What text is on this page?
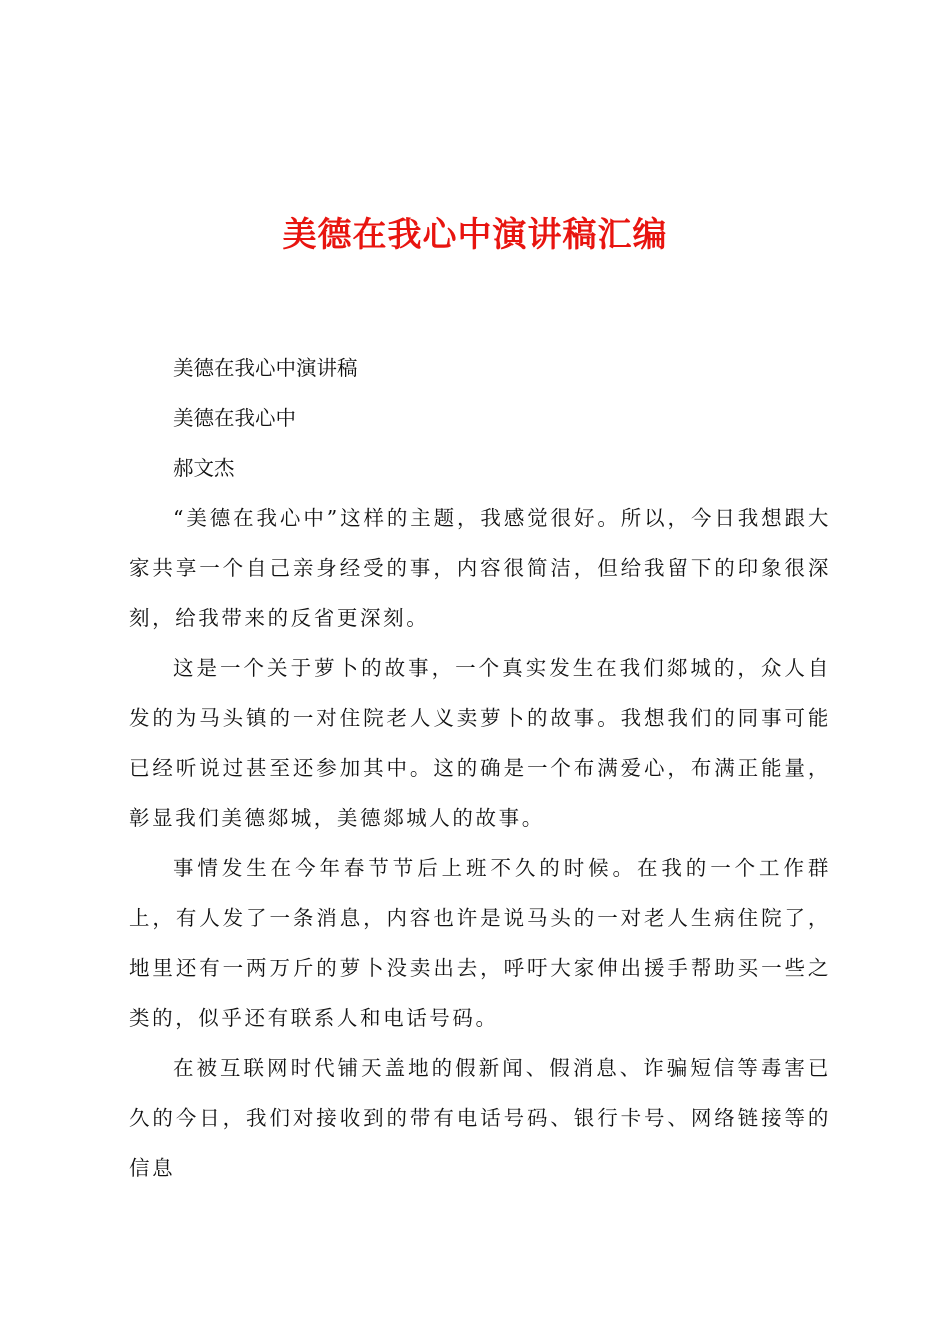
美德在我心中演讲稿汇编

美德在我心中演讲稿

美德在我心中

郝文杰

“美德在我心中”这样的主题，我感觉很好。所以，今日我想跟大家共享一个自己亲身经受的事，内容很简洁，但给我留下的印象很深刻，给我带来的反省更深刻。

这是一个关于萝卜的故事，一个真实发生在我们郯城的，众人自发的为马头镇的一对住院老人义卖萝卜的故事。我想我们的同事可能已经听说过甚至还参加其中。这的确是一个布满爱心，布满正能量，彰显我们美德郯城，美德郯城人的故事。

事情发生在今年春节节后上班不久的时候。在我的一个工作群上，有人发了一条消息，内容也许是说马头的一对老人生病住院了，地里还有一两万斤的萝卜没卖出去，呼吁大家伸出援手帮助买一些之类的，似乎还有联系人和电话号码。

在被互联网时代铺天盖地的假新闻、假消息、诈骗短信等毒害已久的今日，我们对接收到的带有电话号码、银行卡号、网络链接等的信息
